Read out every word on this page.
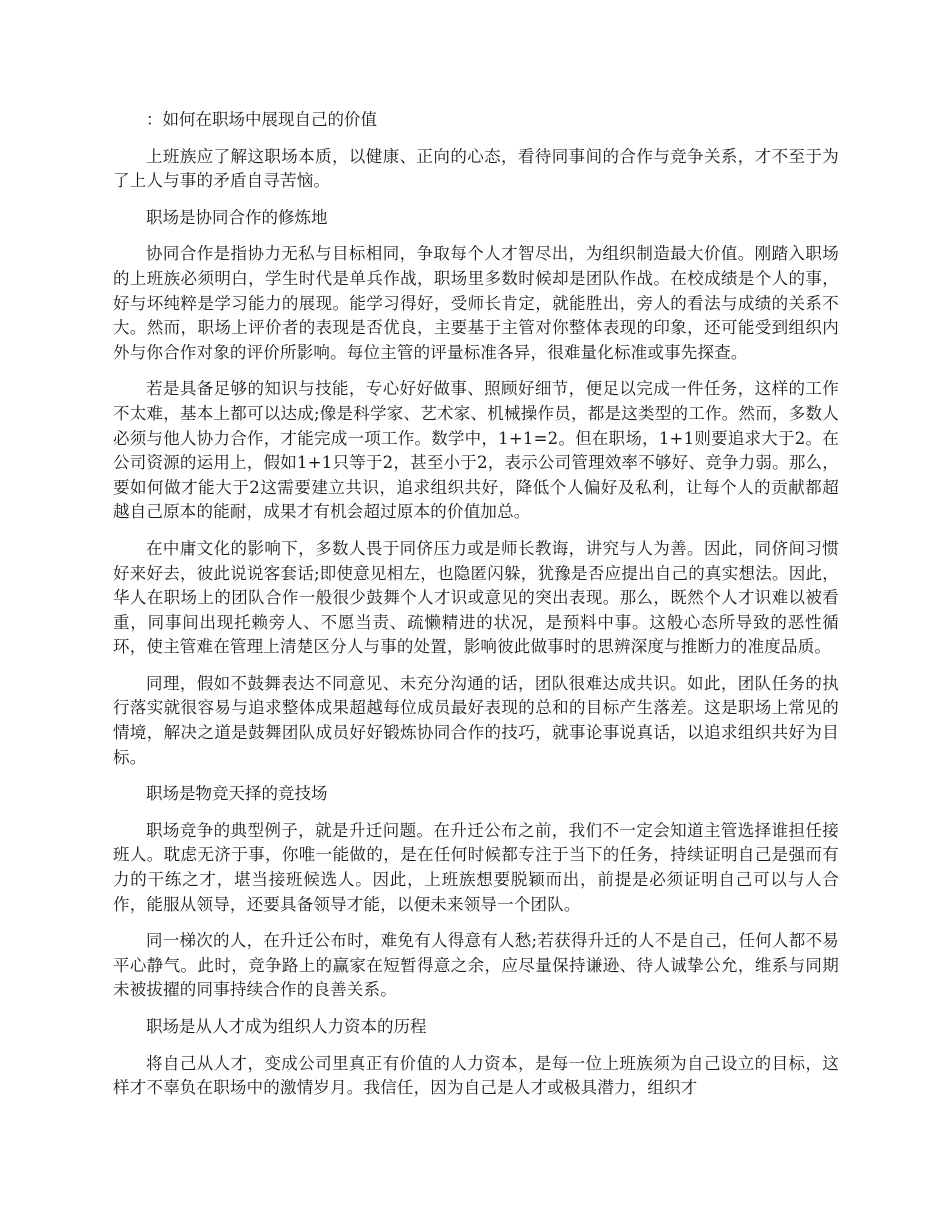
：如何在职场中展现自己的价值

上班族应了解这职场本质，以健康、正向的心态，看待同事间的合作与竞争关系，才不至于为了上人与事的矛盾自寻苦恼。

职场是协同合作的修炼地

协同合作是指协力无私与目标相同，争取每个人才智尽出，为组织制造最大价值。刚踏入职场的上班族必须明白，学生时代是单兵作战，职场里多数时候却是团队作战。在校成绩是个人的事，好与坏纯粹是学习能力的展现。能学习得好，受师长肯定，就能胜出，旁人的看法与成绩的关系不大。然而，职场上评价者的表现是否优良，主要基于主管对你整体表现的印象，还可能受到组织内外与你合作对象的评价所影响。每位主管的评量标准各异，很难量化标准或事先探查。

若是具备足够的知识与技能，专心好好做事、照顾好细节，便足以完成一件任务，这样的工作不太难，基本上都可以达成;像是科学家、艺术家、机械操作员，都是这类型的工作。然而，多数人必须与他人协力合作，才能完成一项工作。数学中，1+1=2。但在职场，1+1则要追求大于2。在公司资源的运用上，假如1+1只等于2，甚至小于2，表示公司管理效率不够好、竞争力弱。那么，要如何做才能大于2这需要建立共识，追求组织共好，降低个人偏好及私利，让每个人的贡献都超越自己原本的能耐，成果才有机会超过原本的价值加总。

在中庸文化的影响下，多数人畏于同侪压力或是师长教诲，讲究与人为善。因此，同侪间习惯好来好去，彼此说说客套话;即使意见相左，也隐匿闪躲，犹豫是否应提出自己的真实想法。因此，华人在职场上的团队合作一般很少鼓舞个人才识或意见的突出表现。那么，既然个人才识难以被看重，同事间出现托赖旁人、不愿当责、疏懒精进的状况，是预料中事。这般心态所导致的恶性循环，使主管难在管理上清楚区分人与事的处置，影响彼此做事时的思辨深度与推断力的准度品质。

同理，假如不鼓舞表达不同意见、未充分沟通的话，团队很难达成共识。如此，团队任务的执行落实就很容易与追求整体成果超越每位成员最好表现的总和的目标产生落差。这是职场上常见的情境，解决之道是鼓舞团队成员好好锻炼协同合作的技巧，就事论事说真话，以追求组织共好为目标。

职场是物竞天择的竞技场

职场竞争的典型例子，就是升迁问题。在升迁公布之前，我们不一定会知道主管选择谁担任接班人。耽虑无济于事，你唯一能做的，是在任何时候都专注于当下的任务，持续证明自己是强而有力的干练之才，堪当接班候选人。因此，上班族想要脱颖而出，前提是必须证明自己可以与人合作，能服从领导，还要具备领导才能，以便未来领导一个团队。

同一梯次的人，在升迁公布时，难免有人得意有人愁;若获得升迁的人不是自己，任何人都不易平心静气。此时，竞争路上的赢家在短暂得意之余，应尽量保持谦逊、待人诚挚公允，维系与同期未被拔擢的同事持续合作的良善关系。

职场是从人才成为组织人力资本的历程

将自己从人才，变成公司里真正有价值的人力资本，是每一位上班族须为自己设立的目标，这样才不辜负在职场中的激情岁月。我信任，因为自己是人才或极具潜力，组织才
